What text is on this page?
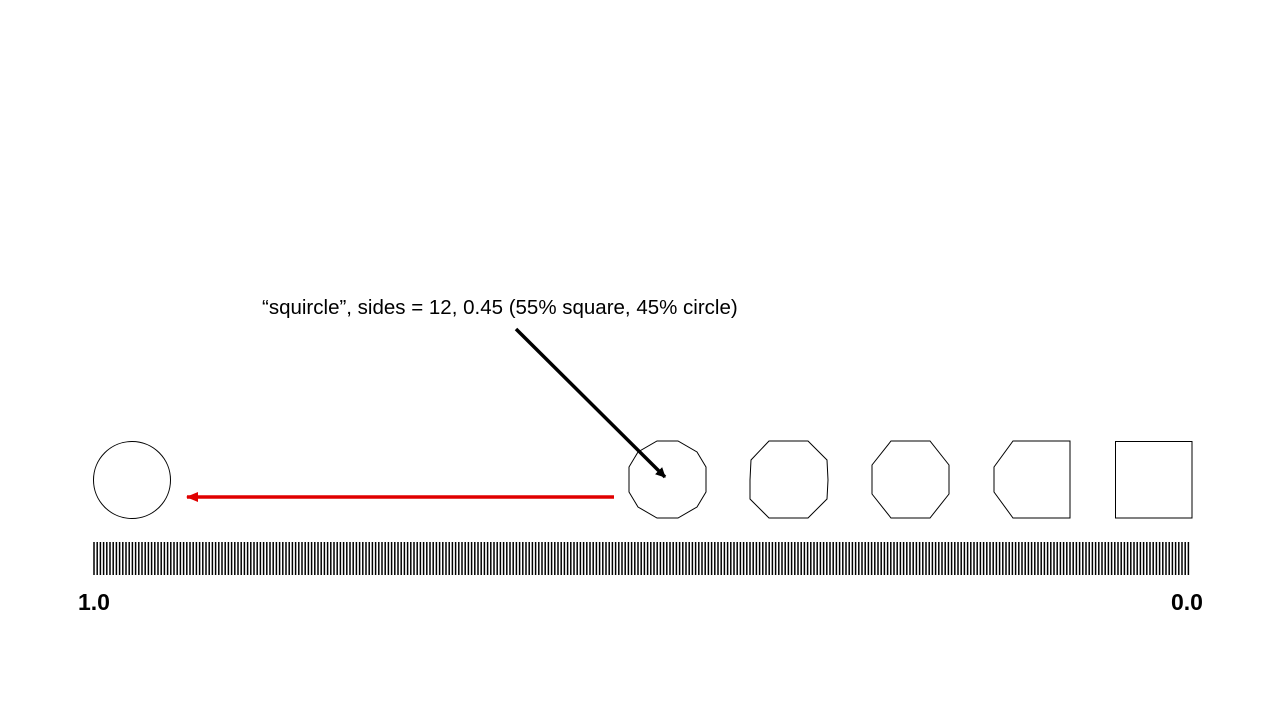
“squircle”, sides = 12, 0.45 (55% square, 45% circle)
1.0	0.0
